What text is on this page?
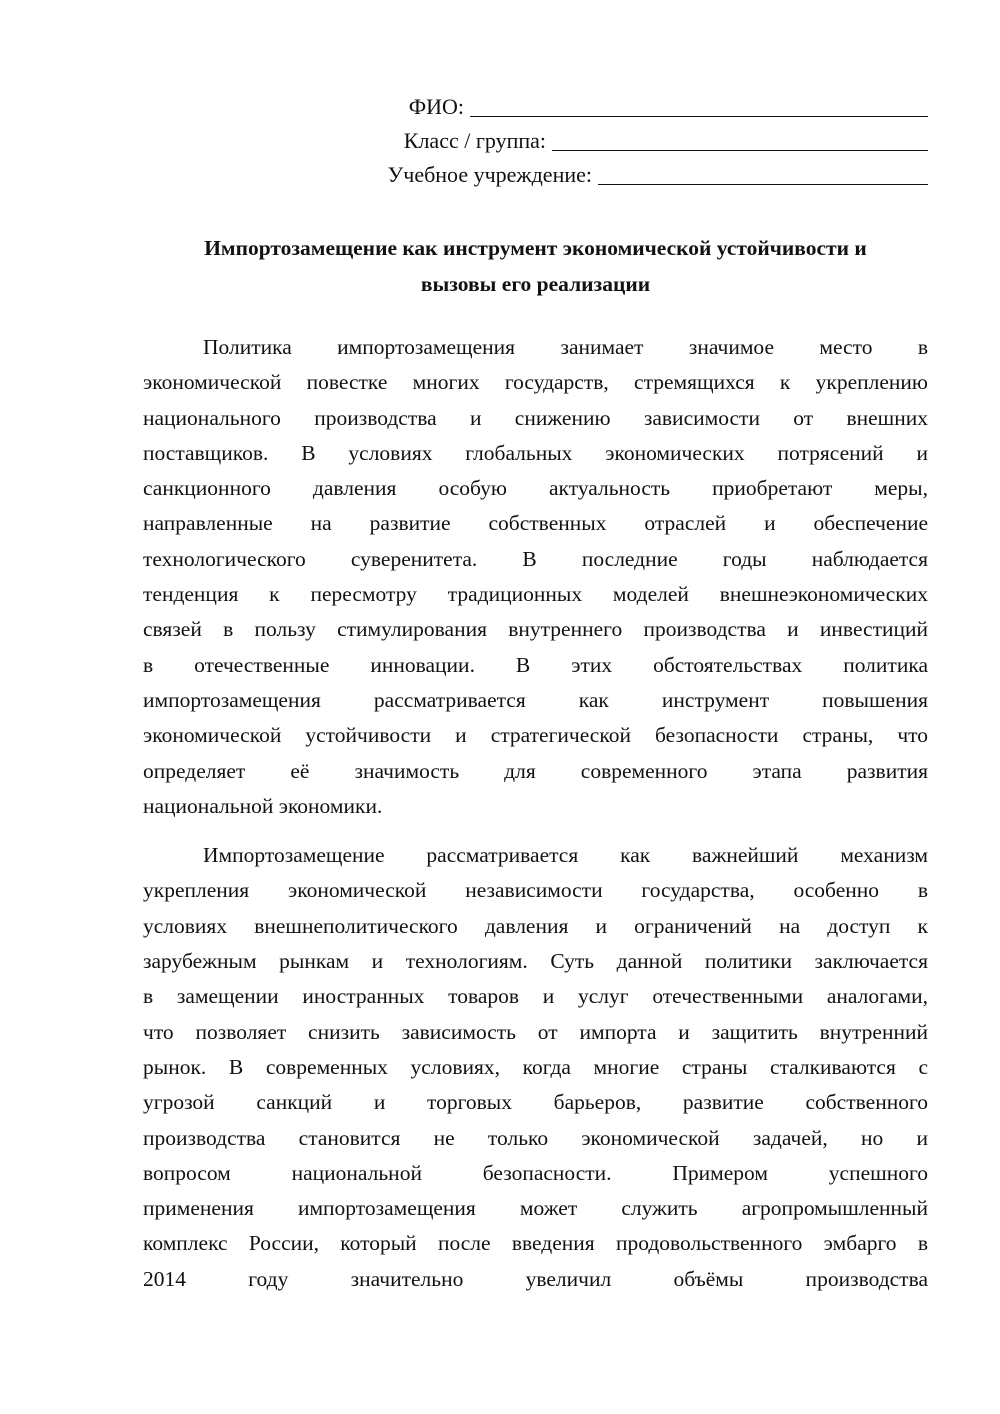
ФИО:
Класс / группа:
Учебное учреждение:
Импортозамещение как инструмент экономической устойчивости и
вызовы его реализации

Политика импортозамещения занимает значимое место в
экономической повестке многих государств, стремящихся к укреплению
национального производства и снижению зависимости от внешних
поставщиков. В условиях глобальных экономических потрясений и
санкционного давления особую актуальность приобретают меры,
направленные на развитие собственных отраслей и обеспечение
технологического суверенитета. В последние годы наблюдается
тенденция к пересмотру традиционных моделей внешнеэкономических
связей в пользу стимулирования внутреннего производства и инвестиций
в отечественные инновации. В этих обстоятельствах политика
импортозамещения рассматривается как инструмент повышения
экономической устойчивости и стратегической безопасности страны, что
определяет её значимость для современного этапа развития
национальной экономики.

Импортозамещение рассматривается как важнейший механизм
укрепления экономической независимости государства, особенно в
условиях внешнеполитического давления и ограничений на доступ к
зарубежным рынкам и технологиям. Суть данной политики заключается
в замещении иностранных товаров и услуг отечественными аналогами,
что позволяет снизить зависимость от импорта и защитить внутренний
рынок. В современных условиях, когда многие страны сталкиваются с
угрозой санкций и торговых барьеров, развитие собственного
производства становится не только экономической задачей, но и
вопросом национальной безопасности. Примером успешного
применения импортозамещения может служить агропромышленный
комплекс России, который после введения продовольственного эмбарго в
2014 году значительно увеличил объёмы производства
